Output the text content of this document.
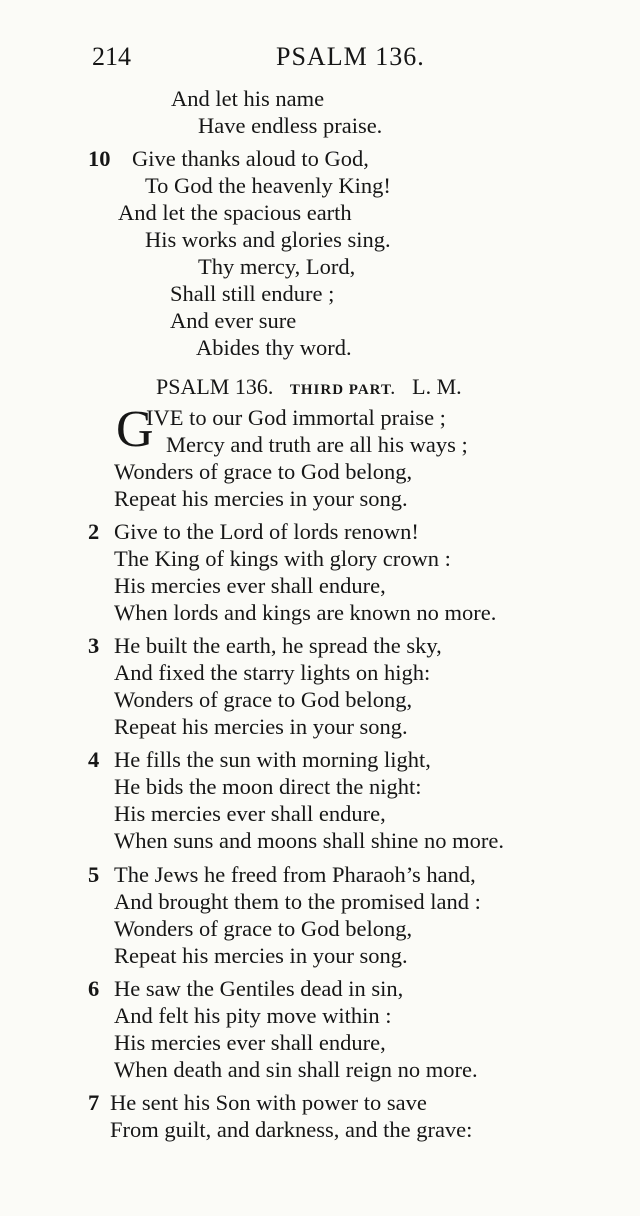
214	PSALM 136.
And let his name
Have endless praise.
10 Give thanks aloud to God,
To God the heavenly King!
And let the spacious earth
His works and glories sing.
Thy mercy, Lord,
Shall still endure ;
And ever sure
Abides thy word.
PSALM 136. THIRD PART. L. M.
G
IVE to our God immortal praise ;
Mercy and truth are all his ways ;
Wonders of grace to God belong,
Repeat his mercies in your song.
2 Give to the Lord of lords renown!
The King of kings with glory crown :
His mercies ever shall endure,
When lords and kings are known no more.
3 He built the earth, he spread the sky,
And fixed the starry lights on high:
Wonders of grace to God belong,
Repeat his mercies in your song.
4 He fills the sun with morning light,
He bids the moon direct the night:
His mercies ever shall endure,
When suns and moons shall shine no more.
5 The Jews he freed from Pharaoh’s hand,
And brought them to the promised land :
Wonders of grace to God belong,
Repeat his mercies in your song.
6 He saw the Gentiles dead in sin,
And felt his pity move within :
His mercies ever shall endure,
When death and sin shall reign no more.
7 He sent his Son with power to save
From guilt, and darkness, and the grave:
